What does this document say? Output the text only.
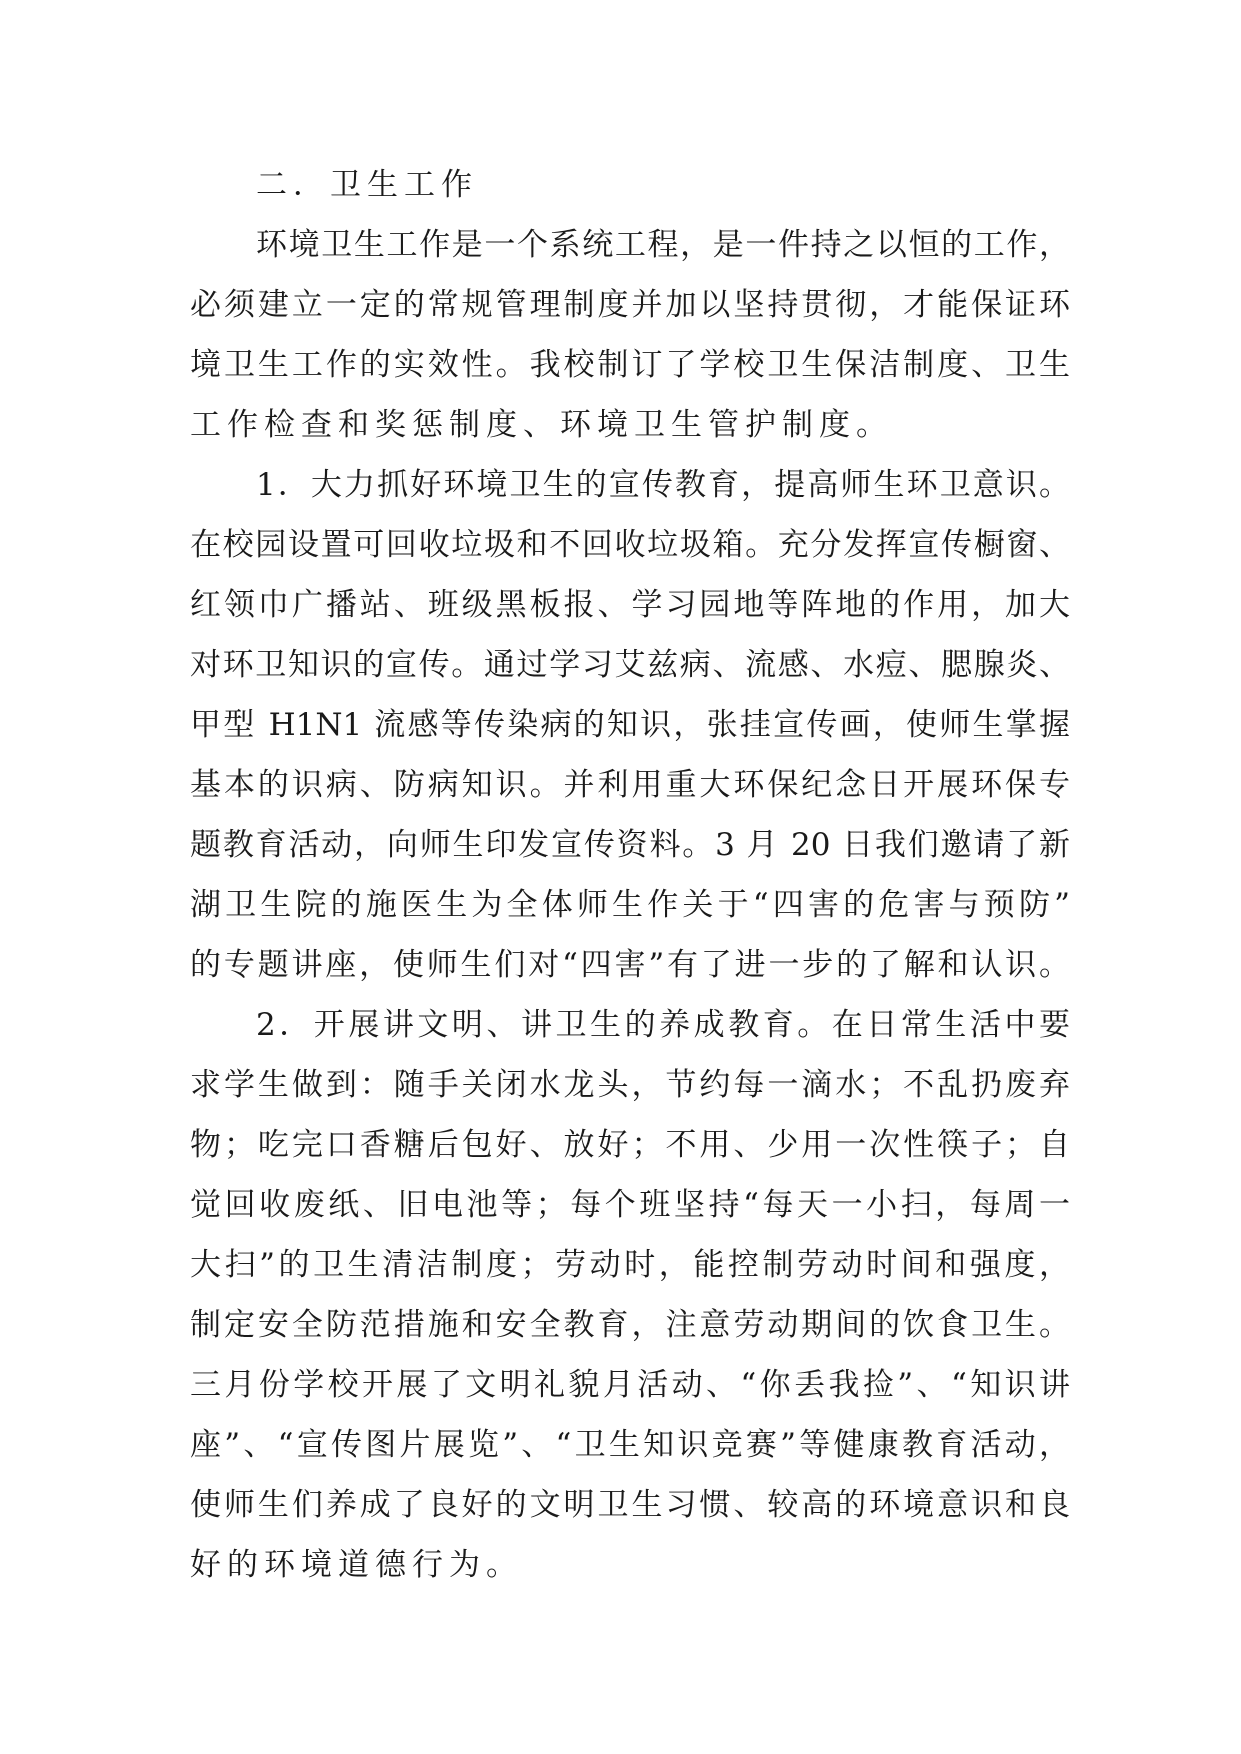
二．卫生工作
环境卫生工作是一个系统工程，是一件持之以恒的工作，
必须建立一定的常规管理制度并加以坚持贯彻，才能保证环
境卫生工作的实效性。我校制订了学校卫生保洁制度、卫生
工作检查和奖惩制度、环境卫生管护制度。
1．大力抓好环境卫生的宣传教育，提高师生环卫意识。
在校园设置可回收垃圾和不回收垃圾箱。充分发挥宣传橱窗、
红领巾广播站、班级黑板报、学习园地等阵地的作用，加大
对环卫知识的宣传。通过学习艾兹病、流感、水痘、腮腺炎、
甲型 H1N1 流感等传染病的知识，张挂宣传画，使师生掌握
基本的识病、防病知识。并利用重大环保纪念日开展环保专
题教育活动，向师生印发宣传资料。3 月 20 日我们邀请了新
湖卫生院的施医生为全体师生作关于“四害的危害与预防”
的专题讲座，使师生们对“四害”有了进一步的了解和认识。
2．开展讲文明、讲卫生的养成教育。在日常生活中要
求学生做到：随手关闭水龙头，节约每一滴水；不乱扔废弃
物；吃完口香糖后包好、放好；不用、少用一次性筷子；自
觉回收废纸、旧电池等；每个班坚持“每天一小扫，每周一
大扫”的卫生清洁制度；劳动时，能控制劳动时间和强度，
制定安全防范措施和安全教育，注意劳动期间的饮食卫生。
三月份学校开展了文明礼貌月活动、“你丢我捡”、“知识讲
座”、“宣传图片展览”、“卫生知识竞赛”等健康教育活动，
使师生们养成了良好的文明卫生习惯、较高的环境意识和良
好的环境道德行为。
